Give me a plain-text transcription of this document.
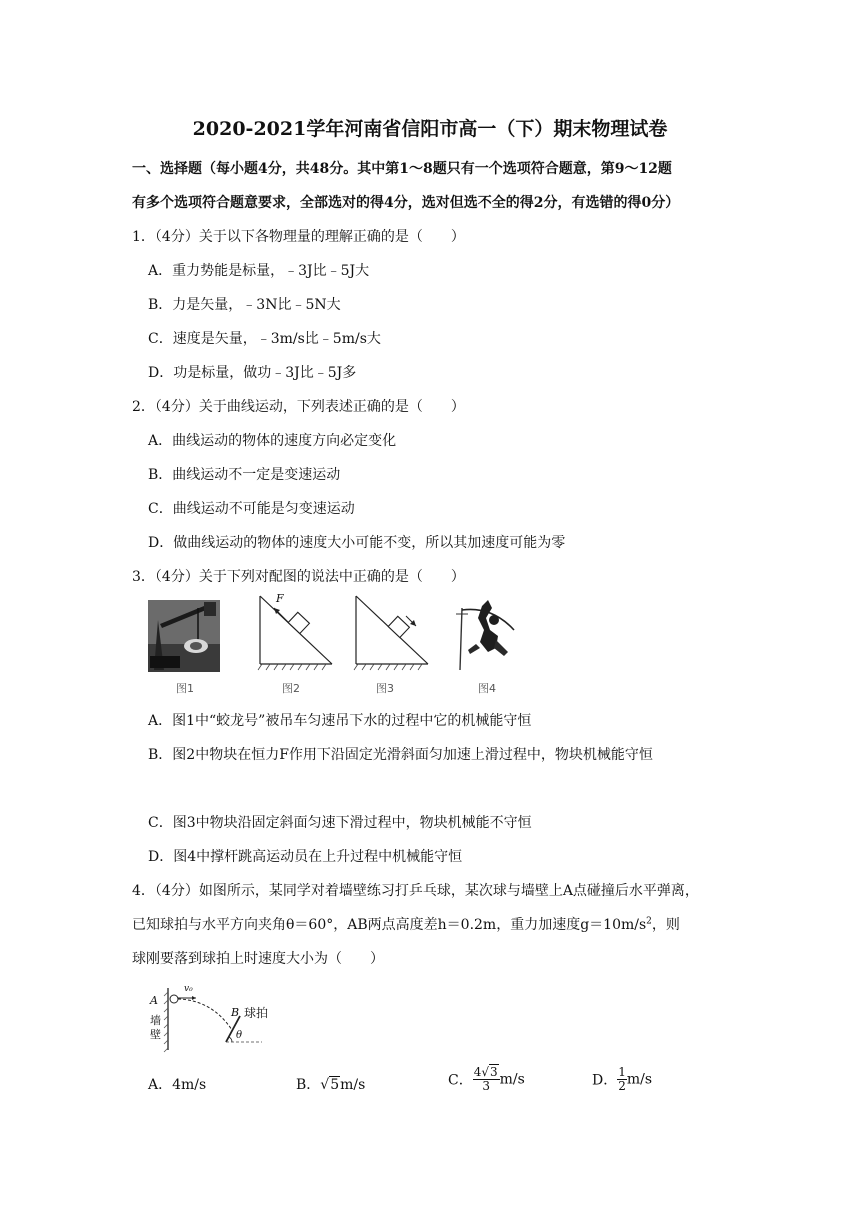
2020-2021学年河南省信阳市高一（下）期末物理试卷
一、选择题（每小题4分，共48分。其中第1～8题只有一个选项符合题意，第9～12题
有多个选项符合题意要求，全部选对的得4分，选对但选不全的得2分，有选错的得0分）
1．（4分）关于以下各物理量的理解正确的是（　　）
A．重力势能是标量，﹣3J比﹣5J大
B．力是矢量，﹣3N比﹣5N大
C．速度是矢量，﹣3m/s比﹣5m/s大
D．功是标量，做功﹣3J比﹣5J多
2．（4分）关于曲线运动，下列表述正确的是（　　）
A．曲线运动的物体的速度方向必定变化
B．曲线运动不一定是变速运动
C．曲线运动不可能是匀变速运动
D．做曲线运动的物体的速度大小可能不变，所以其加速度可能为零
3．（4分）关于下列对配图的说法中正确的是（　　）
图1
F
图2	图3	图4
A．图1中“蛟龙号”被吊车匀速吊下水的过程中它的机械能守恒
B．图2中物块在恒力F作用下沿固定光滑斜面匀加速上滑过程中，物块机械能守恒
C．图3中物块沿固定斜面匀速下滑过程中，物块机械能不守恒
D．图4中撑杆跳高运动员在上升过程中机械能守恒
4．（4分）如图所示，某同学对着墙壁练习打乒乓球，某次球与墙壁上A点碰撞后水平弹离，
已知球拍与水平方向夹角θ＝60°，AB两点高度差h＝0.2m，重力加速度$g=10m/s^2$，则
球刚要落到球拍上时速度大小为（　　）
A
v₀
B 球拍
墙壁	θ
A．4m/s	B．√5m/s	C． $\frac{4√3}{3} m/s$	D． $\frac{1}{2} m/s$
